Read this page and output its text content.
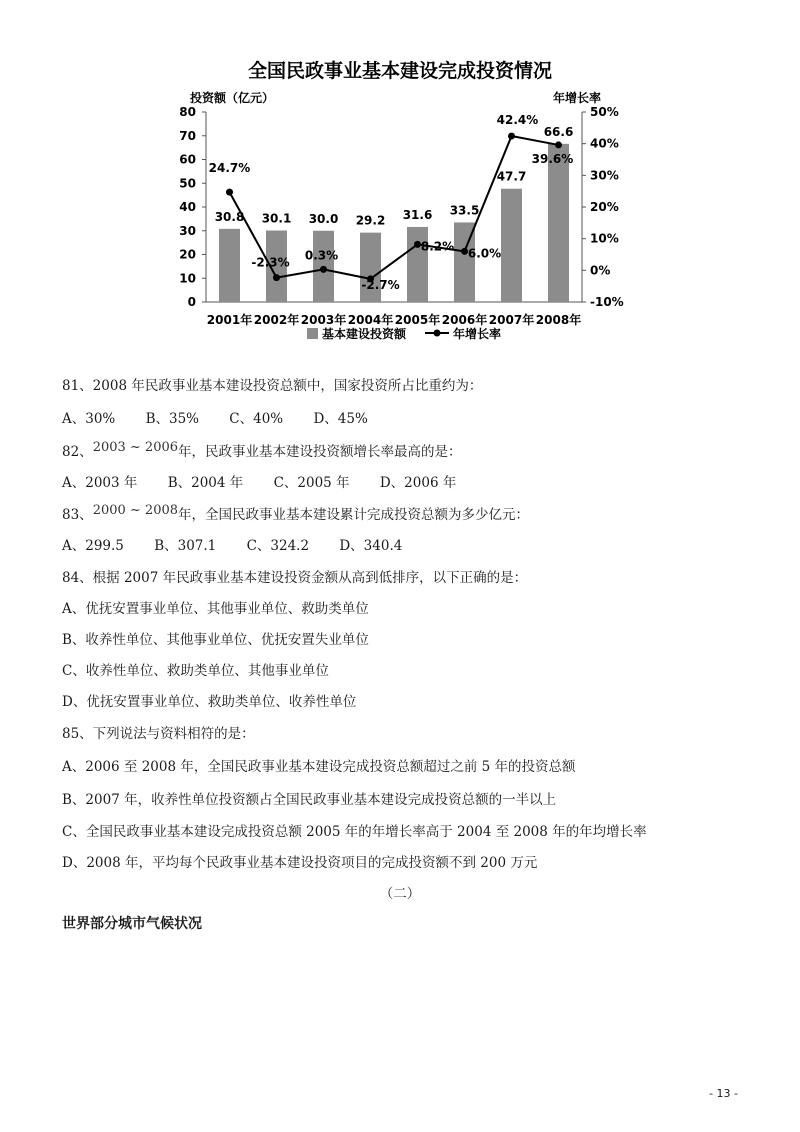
全国民政事业基本建设完成投资情况
0
10
20
30
40
50
60
70
80
-10%
0%
10%
20%
30%
40%
50%
2001年 2002年 2003年 2004年 2005年 2006年 2007年 2008年
投资额（亿元）	年增长率
30.8 30.1 30.0 29.2 31.6 33.5
47.7
66.6
24.7%
-2.3%
0.3%
-2.7%
8.2% 6.0%
42.4%
39.6%
基本建设投资额	年增长率
81、2008 年民政事业基本建设投资总额中，国家投资所占比重约为：
A、30% B、35% C、40% D、45%
82、2003 ~ 2006年，民政事业基本建设投资额增长率最高的是：
A、2003 年 B、2004 年 C、2005 年 D、2006 年
83、2000 ~ 2008年，全国民政事业基本建设累计完成投资总额为多少亿元：
A、299.5 B、307.1 C、324.2 D、340.4
84、根据 2007 年民政事业基本建设投资金额从高到低排序，以下正确的是：
A、优抚安置事业单位、其他事业单位、救助类单位
B、收养性单位、其他事业单位、优抚安置失业单位
C、收养性单位、救助类单位、其他事业单位
D、优抚安置事业单位、救助类单位、收养性单位
85、下列说法与资料相符的是：
A、2006 至 2008 年，全国民政事业基本建设完成投资总额超过之前 5 年的投资总额
B、2007 年，收养性单位投资额占全国民政事业基本建设完成投资总额的一半以上
C、全国民政事业基本建设完成投资总额 2005 年的年增长率高于 2004 至 2008 年的年均增长率
D、2008 年，平均每个民政事业基本建设投资项目的完成投资额不到 200 万元
（二）
世界部分城市气候状况
- 13 -
